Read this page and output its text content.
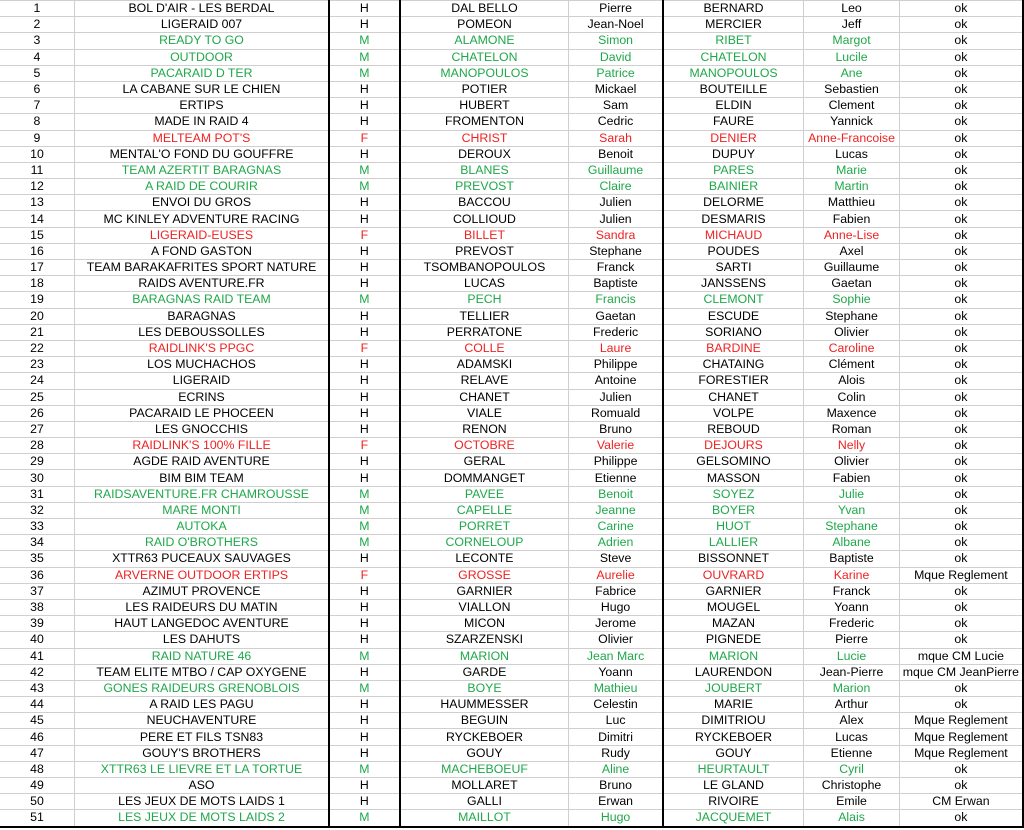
1	BOL D'AIR - LES BERDAL	H	DAL BELLO	Pierre	BERNARD	Leo	ok
2	LIGERAID 007	H	POMEON	Jean-Noel	MERCIER	Jeff	ok
3	READY TO GO	M	ALAMONE	Simon	RIBET	Margot	ok
4	OUTDOOR	M	CHATELON	David	CHATELON	Lucile	ok
5	PACARAID D TER	M	MANOPOULOS	Patrice	MANOPOULOS	Ane	ok
6	LA CABANE SUR LE CHIEN	H	POTIER	Mickael	BOUTEILLE	Sebastien	ok
7	ERTIPS	H	HUBERT	Sam	ELDIN	Clement	ok
8	MADE IN RAID 4	H	FROMENTON	Cedric	FAURE	Yannick	ok
9	MELTEAM POT'S	F	CHRIST	Sarah	DENIER	Anne-Francoise	ok
10	MENTAL'O FOND DU GOUFFRE	H	DEROUX	Benoit	DUPUY	Lucas	ok
11	TEAM AZERTIT BARAGNAS	M	BLANES	Guillaume	PARES	Marie	ok
12	A RAID DE COURIR	M	PREVOST	Claire	BAINIER	Martin	ok
13	ENVOI DU GROS	H	BACCOU	Julien	DELORME	Matthieu	ok
14	MC KINLEY ADVENTURE RACING	H	COLLIOUD	Julien	DESMARIS	Fabien	ok
15	LIGERAID-EUSES	F	BILLET	Sandra	MICHAUD	Anne-Lise	ok
16	A FOND GASTON	H	PREVOST	Stephane	POUDES	Axel	ok
17	TEAM BARAKAFRITES SPORT NATURE	H	TSOMBANOPOULOS	Franck	SARTI	Guillaume	ok
18	RAIDS AVENTURE.FR	H	LUCAS	Baptiste	JANSSENS	Gaetan	ok
19	BARAGNAS RAID TEAM	M	PECH	Francis	CLEMONT	Sophie	ok
20	BARAGNAS	H	TELLIER	Gaetan	ESCUDE	Stephane	ok
21	LES DEBOUSSOLLES	H	PERRATONE	Frederic	SORIANO	Olivier	ok
22	RAIDLINK'S PPGC	F	COLLE	Laure	BARDINE	Caroline	ok
23	LOS MUCHACHOS	H	ADAMSKI	Philippe	CHATAING	Clément	ok
24	LIGERAID	H	RELAVE	Antoine	FORESTIER	Alois	ok
25	ECRINS	H	CHANET	Julien	CHANET	Colin	ok
26	PACARAID LE PHOCEEN	H	VIALE	Romuald	VOLPE	Maxence	ok
27	LES GNOCCHIS	H	RENON	Bruno	REBOUD	Roman	ok
28	RAIDLINK'S 100% FILLE	F	OCTOBRE	Valerie	DEJOURS	Nelly	ok
29	AGDE RAID AVENTURE	H	GERAL	Philippe	GELSOMINO	Olivier	ok
30	BIM BIM TEAM	H	DOMMANGET	Etienne	MASSON	Fabien	ok
31	RAIDSAVENTURE.FR CHAMROUSSE	M	PAVEE	Benoit	SOYEZ	Julie	ok
32	MARE MONTI	M	CAPELLE	Jeanne	BOYER	Yvan	ok
33	AUTOKA	M	PORRET	Carine	HUOT	Stephane	ok
34	RAID O'BROTHERS	M	CORNELOUP	Adrien	LALLIER	Albane	ok
35	XTTR63 PUCEAUX SAUVAGES	H	LECONTE	Steve	BISSONNET	Baptiste	ok
36	ARVERNE OUTDOOR ERTIPS	F	GROSSE	Aurelie	OUVRARD	Karine	Mque Reglement
37	AZIMUT PROVENCE	H	GARNIER	Fabrice	GARNIER	Franck	ok
38	LES RAIDEURS DU MATIN	H	VIALLON	Hugo	MOUGEL	Yoann	ok
39	HAUT LANGEDOC AVENTURE	H	MICON	Jerome	MAZAN	Frederic	ok
40	LES DAHUTS	H	SZARZENSKI	Olivier	PIGNEDE	Pierre	ok
41	RAID NATURE 46	M	MARION	Jean Marc	MARION	Lucie	mque CM Lucie
42	TEAM ELITE MTBO / CAP OXYGENE	H	GARDE	Yoann	LAURENDON	Jean-Pierre	mque CM JeanPierre
43	GONES RAIDEURS GRENOBLOIS	M	BOYE	Mathieu	JOUBERT	Marion	ok
44	A RAID LES PAGU	H	HAUMMESSER	Celestin	MARIE	Arthur	ok
45	NEUCHAVENTURE	H	BEGUIN	Luc	DIMITRIOU	Alex	Mque Reglement
46	PERE ET FILS TSN83	H	RYCKEBOER	Dimitri	RYCKEBOER	Lucas	Mque Reglement
47	GOUY'S BROTHERS	H	GOUY	Rudy	GOUY	Etienne	Mque Reglement
48	XTTR63 LE LIEVRE ET LA TORTUE	M	MACHEBOEUF	Aline	HEURTAULT	Cyril	ok
49	ASO	H	MOLLARET	Bruno	LE GLAND	Christophe	ok
50	LES JEUX DE MOTS LAIDS 1	H	GALLI	Erwan	RIVOIRE	Emile	CM Erwan
51	LES JEUX DE MOTS LAIDS 2	M	MAILLOT	Hugo	JACQUEMET	Alais	ok
